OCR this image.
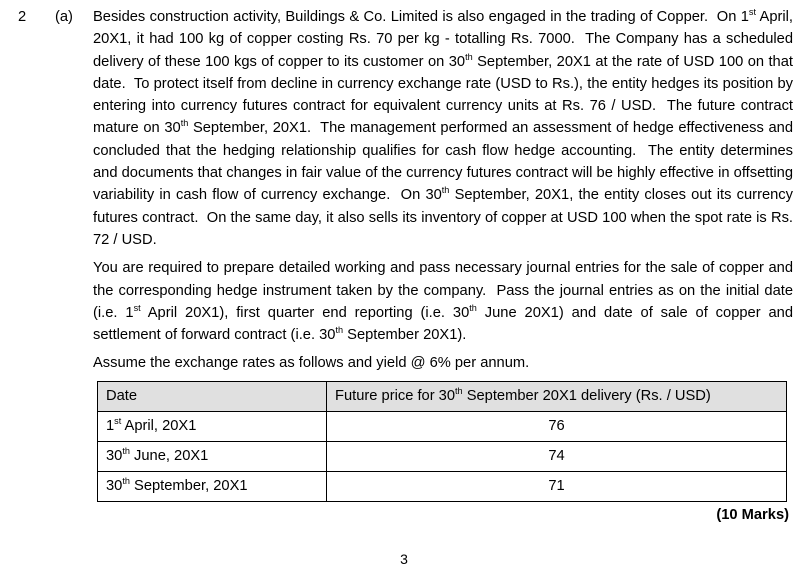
2	(a)	Besides construction activity, Buildings & Co. Limited is also engaged in the trading of Copper.  On 1st April, 20X1, it had 100 kg of copper costing Rs. 70 per kg - totalling Rs. 7000.  The Company has a scheduled delivery of these 100 kgs of copper to its customer on 30th September, 20X1 at the rate of USD 100 on that date.  To protect itself from decline in currency exchange rate (USD to Rs.), the entity hedges its position by entering into currency futures contract for equivalent currency units at Rs. 76 / USD.  The future contract mature on 30th September, 20X1.  The management performed an assessment of hedge effectiveness and concluded that the hedging relationship qualifies for cash flow hedge accounting.  The entity determines and documents that changes in fair value of the currency futures contract will be highly effective in offsetting variability in cash flow of currency exchange.  On 30th September, 20X1, the entity closes out its currency futures contract.  On the same day, it also sells its inventory of copper at USD 100 when the spot rate is Rs. 72 / USD.

You are required to prepare detailed working and pass necessary journal entries for the sale of copper and the corresponding hedge instrument taken by the company.  Pass the journal entries as on the initial date (i.e. 1st April 20X1), first quarter end reporting (i.e. 30th June 20X1) and date of sale of copper and settlement of forward contract (i.e. 30th September 20X1).

Assume the exchange rates as follows and yield @ 6% per annum.

Date	Future price for 30th September 20X1 delivery (Rs. / USD)
1st April, 20X1	76
30th June, 20X1	74
30th September, 20X1	71
(10 Marks)
3
